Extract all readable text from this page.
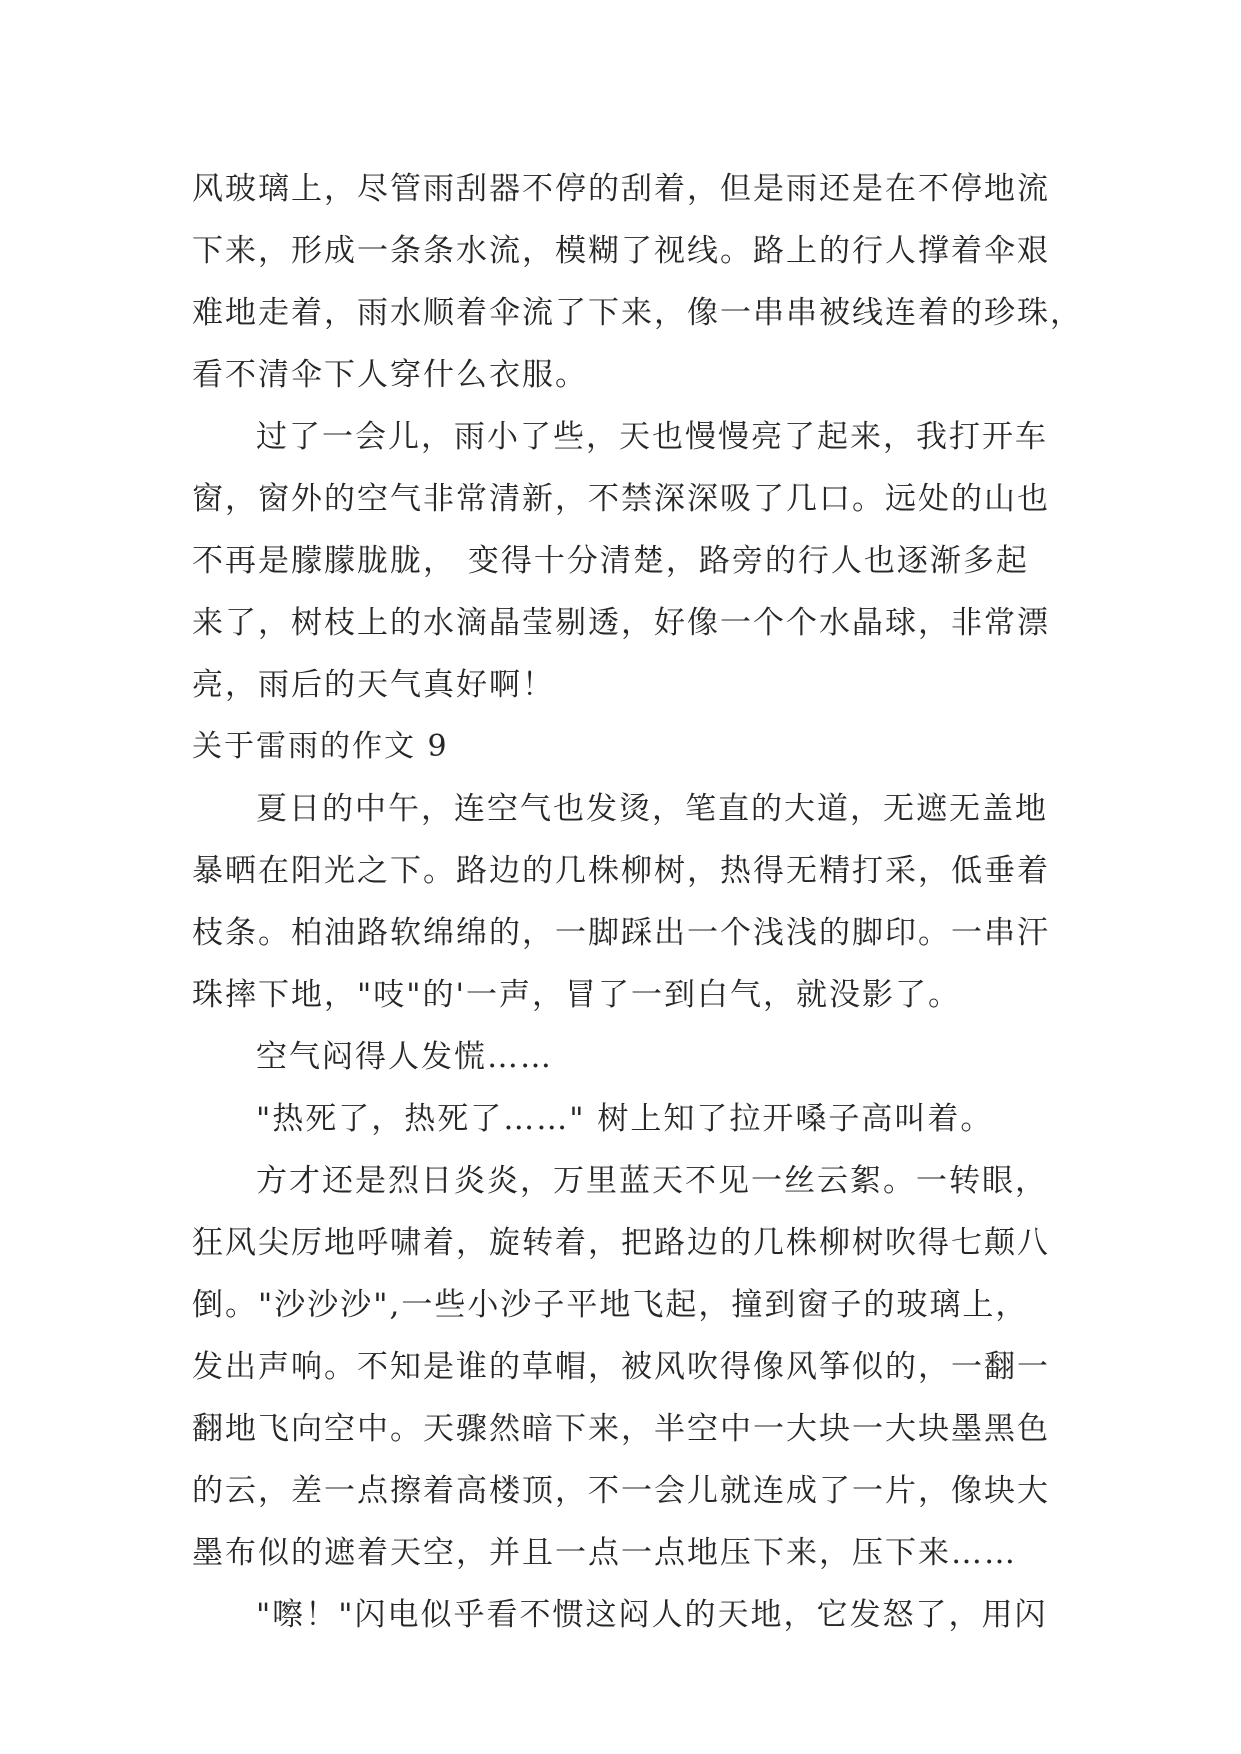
风玻璃上，尽管雨刮器不停的刮着，但是雨还是在不停地流
下来，形成一条条水流，模糊了视线。路上的行人撑着伞艰
难地走着，雨水顺着伞流了下来，像一串串被线连着的珍珠，
看不清伞下人穿什么衣服。
过了一会儿，雨小了些，天也慢慢亮了起来，我打开车
窗，窗外的空气非常清新，不禁深深吸了几口。远处的山也
不再是朦朦胧胧， 变得十分清楚，路旁的行人也逐渐多起
来了，树枝上的水滴晶莹剔透，好像一个个水晶球，非常漂
亮，雨后的天气真好啊！
关于雷雨的作文 9
夏日的中午，连空气也发烫，笔直的大道，无遮无盖地
暴晒在阳光之下。路边的几株柳树，热得无精打采，低垂着
枝条。柏油路软绵绵的，一脚踩出一个浅浅的脚印。一串汗
珠摔下地，"吱"的'一声，冒了一到白气，就没影了。
空气闷得人发慌……
"热死了，热死了……" 树上知了拉开嗓子高叫着。
方才还是烈日炎炎，万里蓝天不见一丝云絮。一转眼，
狂风尖厉地呼啸着，旋转着，把路边的几株柳树吹得七颠八
倒。"沙沙沙",一些小沙子平地飞起，撞到窗子的玻璃上，
发出声响。不知是谁的草帽，被风吹得像风筝似的，一翻一
翻地飞向空中。天骤然暗下来，半空中一大块一大块墨黑色
的云，差一点擦着高楼顶，不一会儿就连成了一片，像块大
墨布似的遮着天空，并且一点一点地压下来，压下来……
"嚓！"闪电似乎看不惯这闷人的天地，它发怒了，用闪
